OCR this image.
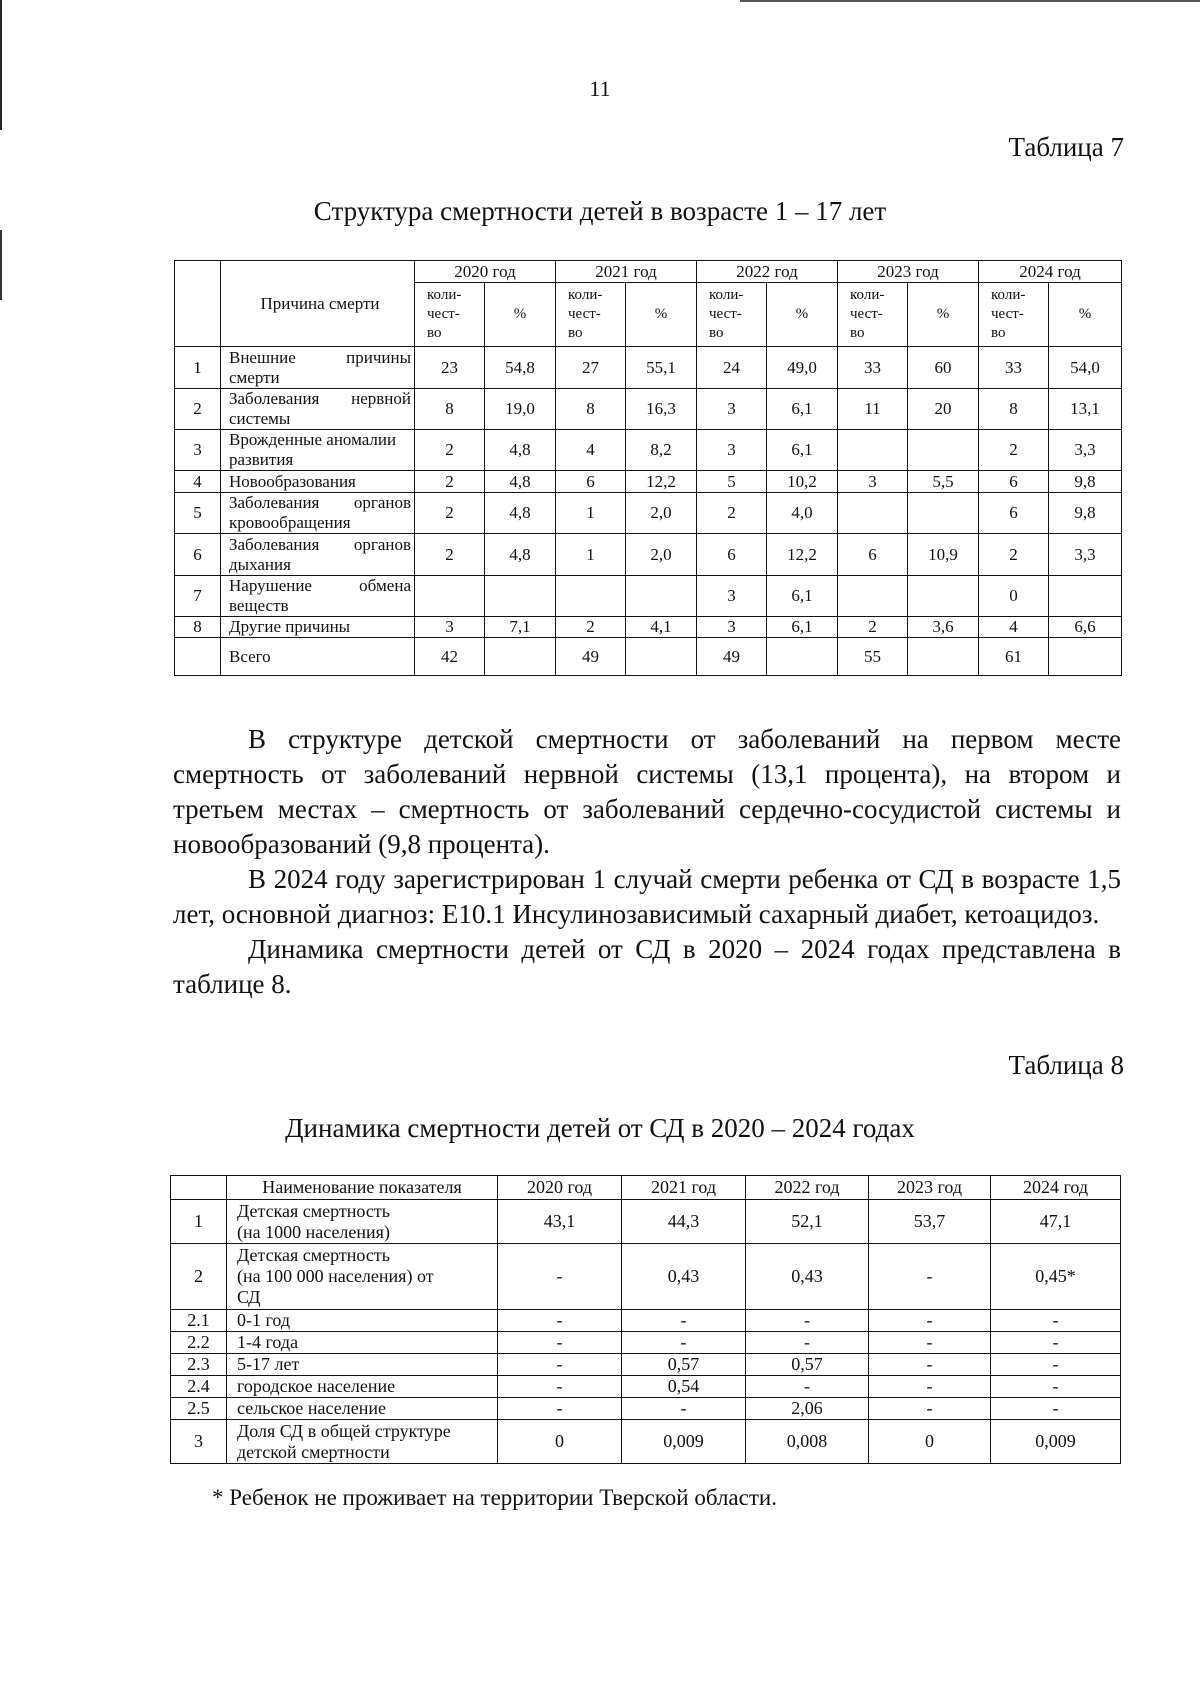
11
Таблица 7
Структура смертности детей в возрасте 1 – 17 лет
	Причина смерти	2020 год		2021 год		2022 год		2023 год		2024 год	
		коли-
чест-
во	%	коли-
чест-
во	%	коли-
чест-
во	%	коли-
чест-
во	%	коли-
чест-
во	%
1	Внешние причины смерти	23	54,8	27	55,1	24	49,0	33	60	33	54,0
2	Заболевания нервной системы	8	19,0	8	16,3	3	6,1	11	20	8	13,1
3	Врожденные аномалии развития	2	4,8	4	8,2	3	6,1			2	3,3
4	Новообразования	2	4,8	6	12,2	5	10,2	3	5,5	6	9,8
5	Заболевания органов кровообращения	2	4,8	1	2,0	2	4,0			6	9,8
6	Заболевания органов дыхания	2	4,8	1	2,0	6	12,2	6	10,9	2	3,3
7	Нарушение обмена веществ					3	6,1			0	
8	Другие причины	3	7,1	2	4,1	3	6,1	2	3,6	4	6,6
	Всего	42		49		49		55		61	

В структуре детской смертности от заболеваний на первом месте смертность от заболеваний нервной системы (13,1 процента), на втором и третьем местах – смертность от заболеваний сердечно-сосудистой системы и новообразований (9,8 процента).

В 2024 году зарегистрирован 1 случай смерти ребенка от СД в возрасте 1,5 лет, основной диагноз: Е10.1 Инсулинозависимый сахарный диабет, кетоацидоз.

Динамика смертности детей от СД в 2020 – 2024 годах представлена в таблице 8.

Таблица 8
Динамика смертности детей от СД в 2020 – 2024 годах
	Наименование показателя	2020 год	2021 год	2022 год	2023 год	2024 год
1	Детская смертность
(на 1000 населения)	43,1	44,3	52,1	53,7	47,1
2	Детская смертность
(на 100 000 населения) от
СД	-	0,43	0,43	-	0,45*
2.1	0-1 год	-	-	-	-	-
2.2	1-4 года	-	-	-	-	-
2.3	5-17 лет	-	0,57	0,57	-	-
2.4	городское население	-	0,54	-	-	-
2.5	сельское население	-	-	2,06	-	-
3	Доля СД в общей структуре
детской смертности	0	0,009	0,008	0	0,009
* Ребенок не проживает на территории Тверской области.
